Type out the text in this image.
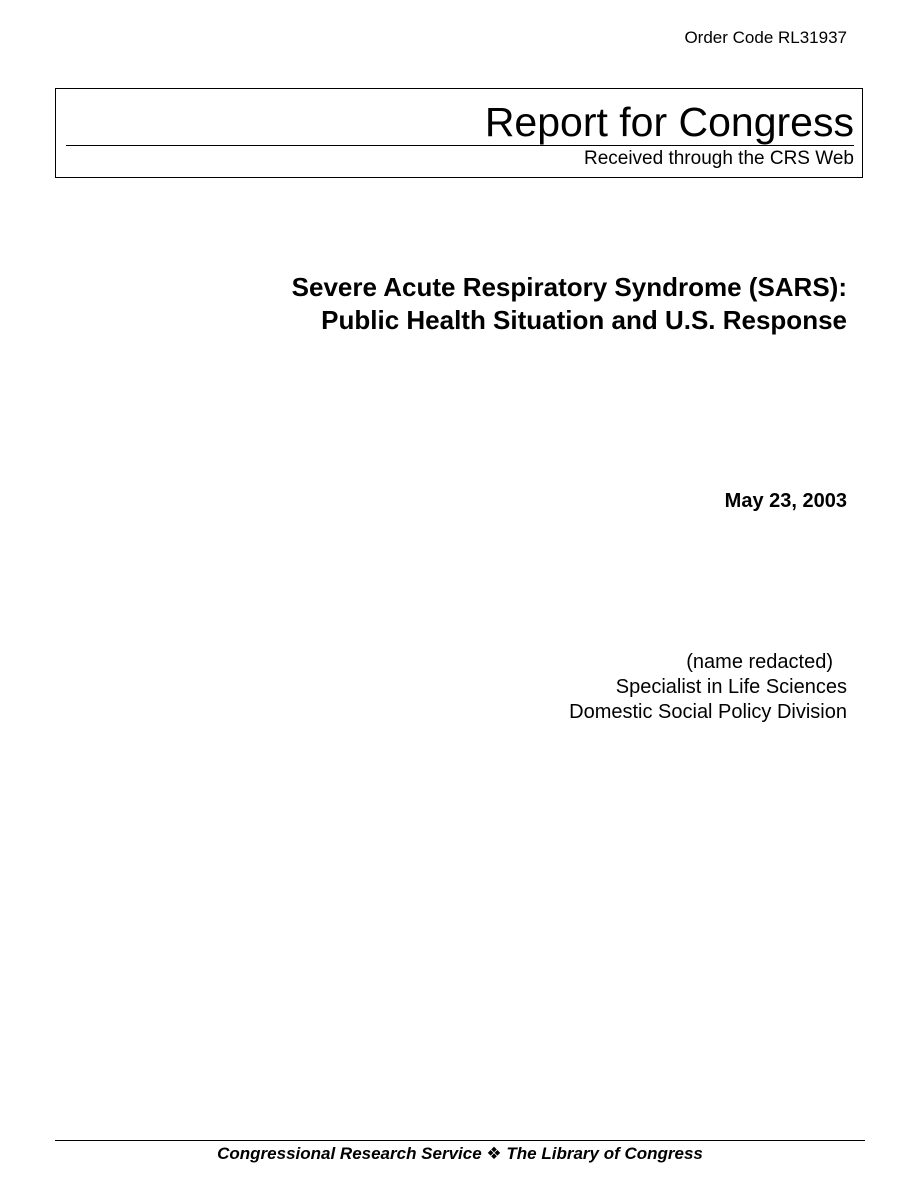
Order Code RL31937
Report for Congress
Received through the CRS Web
Severe Acute Respiratory Syndrome (SARS):
Public Health Situation and U.S. Response
May 23, 2003
(name redacted)
Specialist in Life Sciences
Domestic Social Policy Division
Congressional Research Service ❖ The Library of Congress
